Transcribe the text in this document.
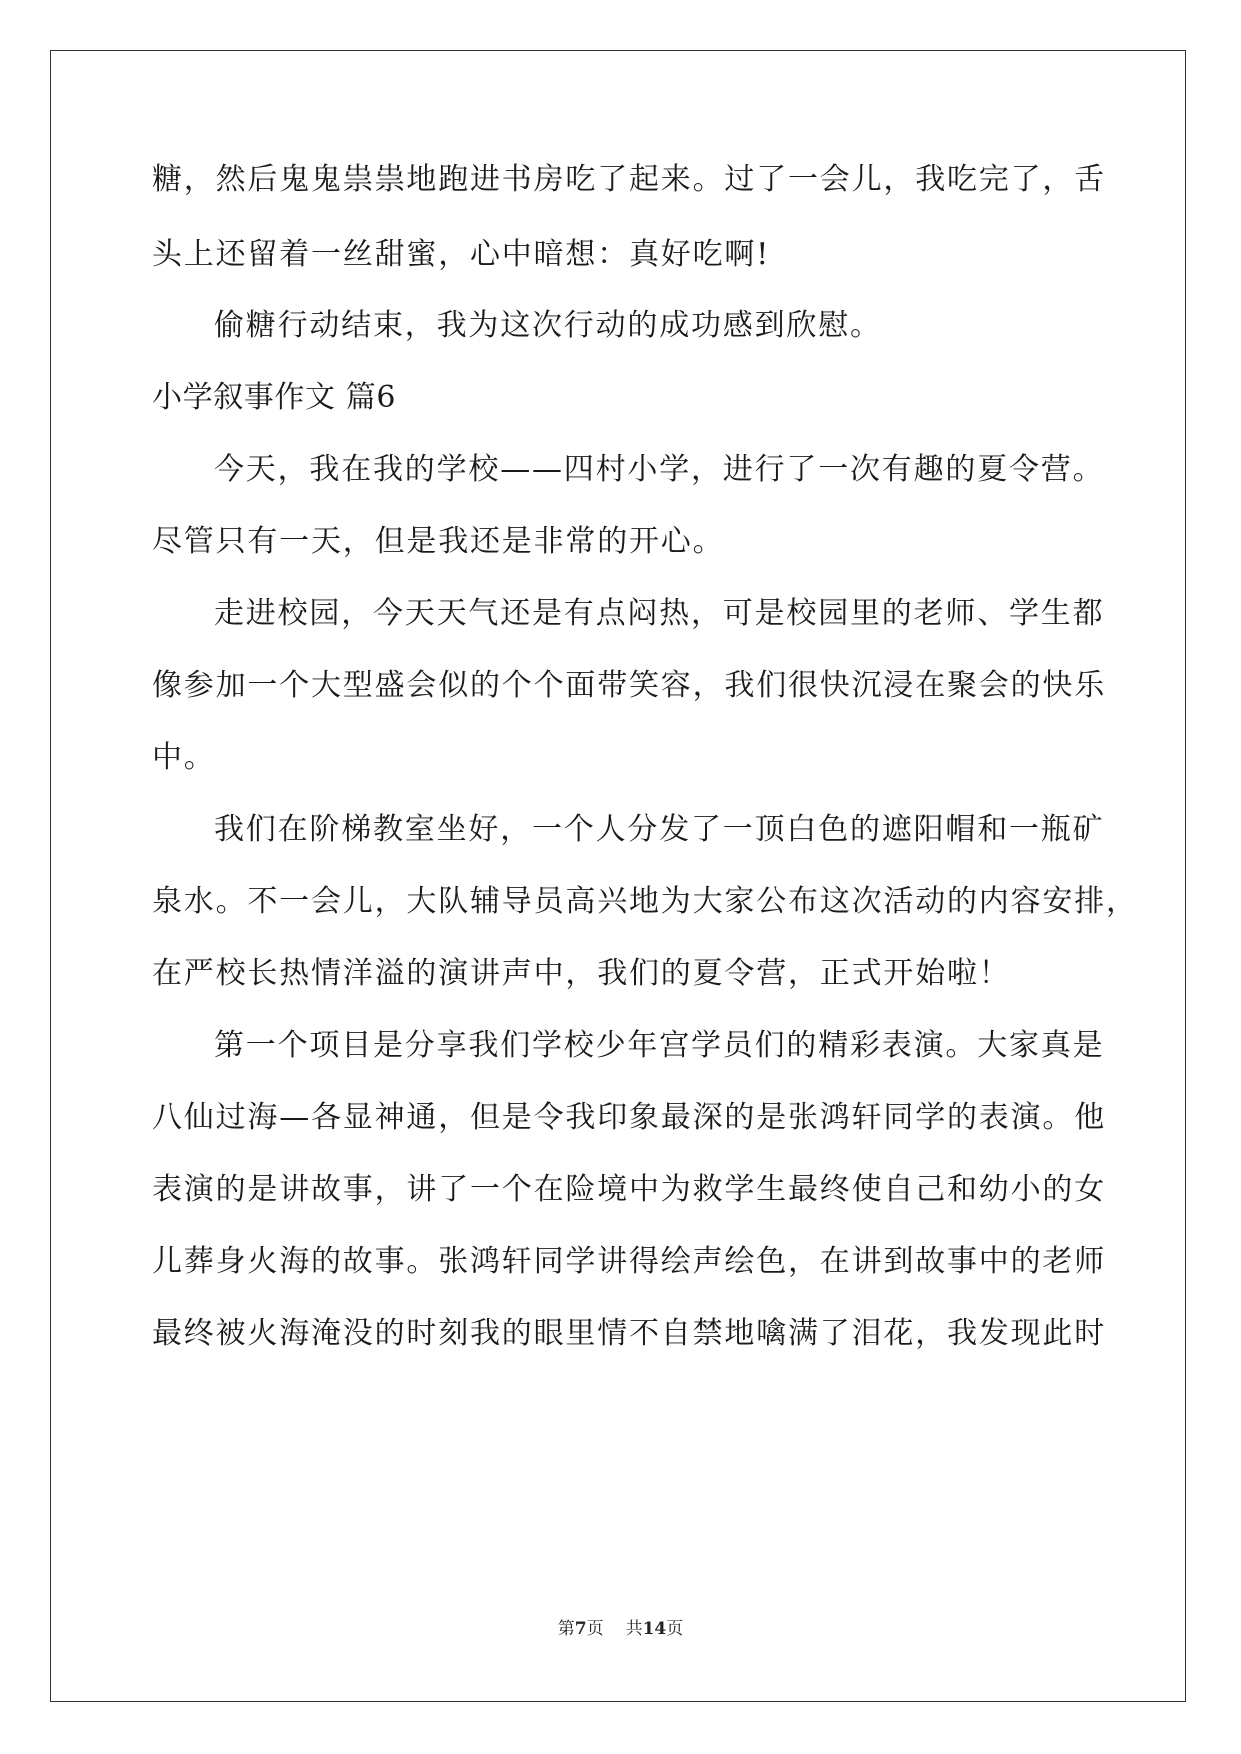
糖，然后鬼鬼祟祟地跑进书房吃了起来。过了一会儿，我吃完了，舌
头上还留着一丝甜蜜，心中暗想：真好吃啊!
偷糖行动结束，我为这次行动的成功感到欣慰。
小学叙事作文 篇6
今天，我在我的学校——四村小学，进行了一次有趣的夏令营。
尽管只有一天，但是我还是非常的开心。
走进校园，今天天气还是有点闷热，可是校园里的老师、学生都
像参加一个大型盛会似的个个面带笑容，我们很快沉浸在聚会的快乐
中。
我们在阶梯教室坐好，一个人分发了一顶白色的遮阳帽和一瓶矿
泉水。不一会儿，大队辅导员高兴地为大家公布这次活动的内容安排，
在严校长热情洋溢的演讲声中，我们的夏令营，正式开始啦！
第一个项目是分享我们学校少年宫学员们的精彩表演。大家真是
八仙过海—各显神通，但是令我印象最深的是张鸿轩同学的表演。他
表演的是讲故事，讲了一个在险境中为救学生最终使自己和幼小的女
儿葬身火海的故事。张鸿轩同学讲得绘声绘色，在讲到故事中的老师
最终被火海淹没的时刻我的眼里情不自禁地噙满了泪花，我发现此时
第7页 共14页
